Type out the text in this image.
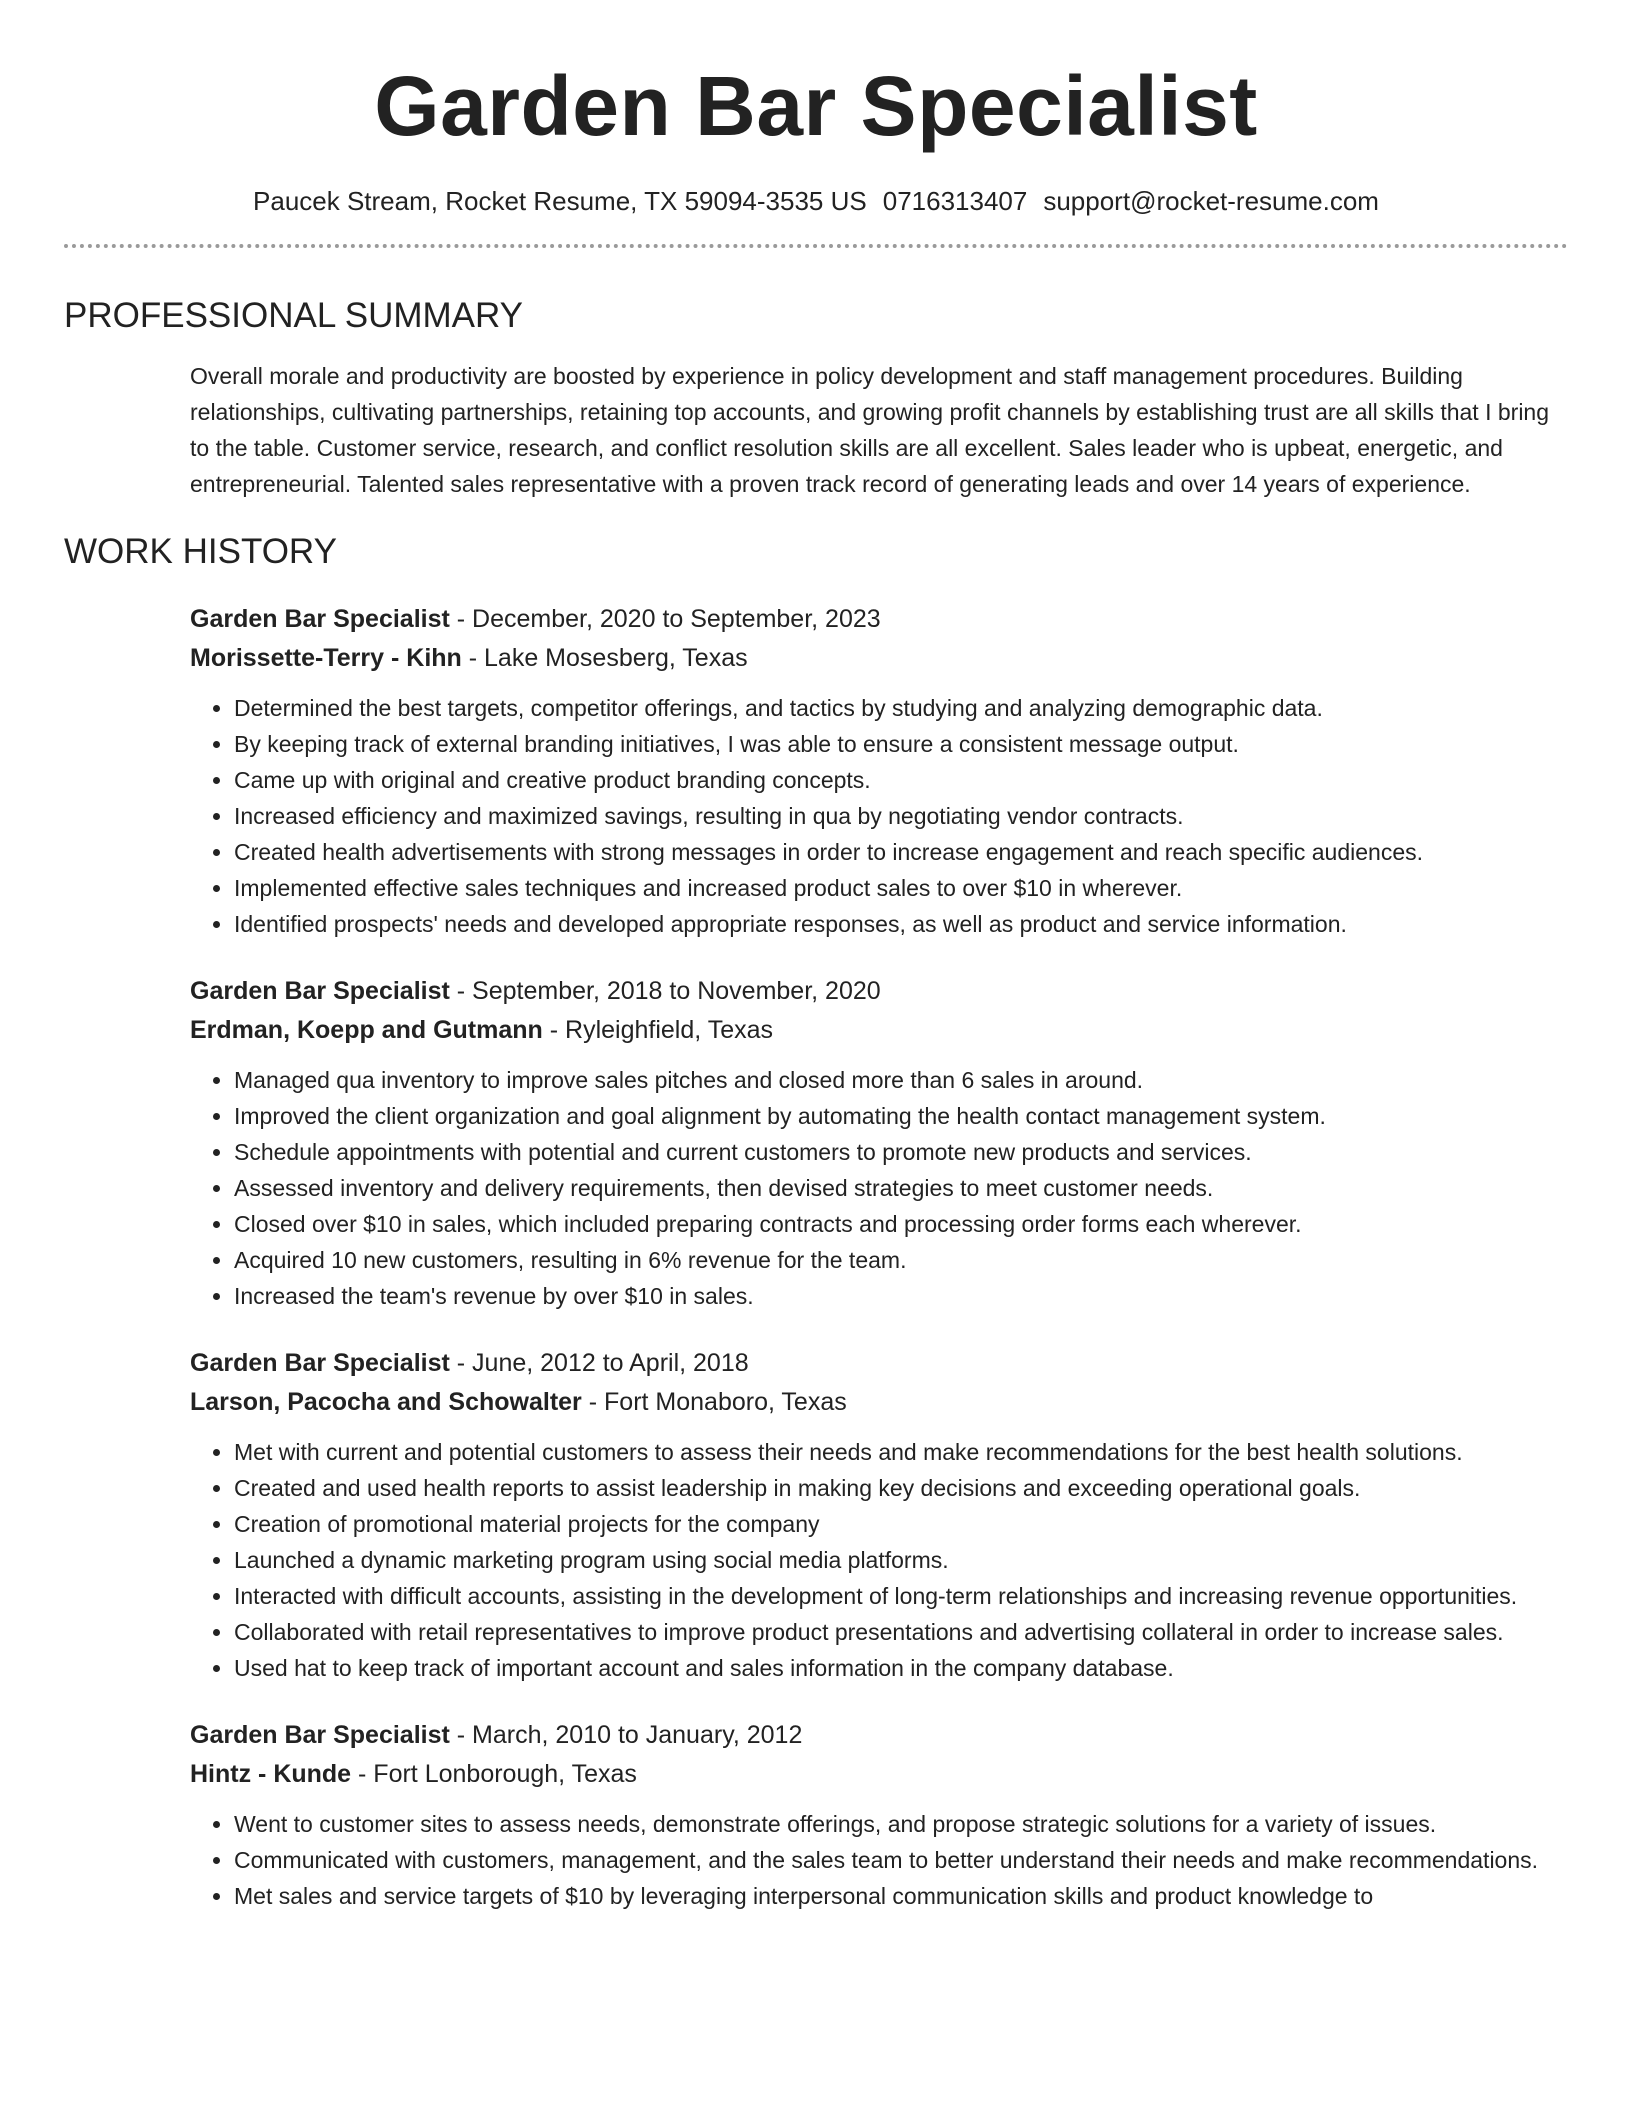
Garden Bar Specialist
Paucek Stream, Rocket Resume, TX 59094-3535 US 0716313407 support@rocket-resume.com
PROFESSIONAL SUMMARY
Overall morale and productivity are boosted by experience in policy development and staff management procedures. Building relationships, cultivating partnerships, retaining top accounts, and growing profit channels by establishing trust are all skills that I bring to the table. Customer service, research, and conflict resolution skills are all excellent. Sales leader who is upbeat, energetic, and entrepreneurial. Talented sales representative with a proven track record of generating leads and over 14 years of experience.
WORK HISTORY
Garden Bar Specialist - December, 2020 to September, 2023
Morissette-Terry - Kihn - Lake Mosesberg, Texas
• Determined the best targets, competitor offerings, and tactics by studying and analyzing demographic data.
• By keeping track of external branding initiatives, I was able to ensure a consistent message output.
• Came up with original and creative product branding concepts.
• Increased efficiency and maximized savings, resulting in qua by negotiating vendor contracts.
• Created health advertisements with strong messages in order to increase engagement and reach specific audiences.
• Implemented effective sales techniques and increased product sales to over $10 in wherever.
• Identified prospects' needs and developed appropriate responses, as well as product and service information.
Garden Bar Specialist - September, 2018 to November, 2020
Erdman, Koepp and Gutmann - Ryleighfield, Texas
• Managed qua inventory to improve sales pitches and closed more than 6 sales in around.
• Improved the client organization and goal alignment by automating the health contact management system.
• Schedule appointments with potential and current customers to promote new products and services.
• Assessed inventory and delivery requirements, then devised strategies to meet customer needs.
• Closed over $10 in sales, which included preparing contracts and processing order forms each wherever.
• Acquired 10 new customers, resulting in 6% revenue for the team.
• Increased the team's revenue by over $10 in sales.
Garden Bar Specialist - June, 2012 to April, 2018
Larson, Pacocha and Schowalter - Fort Monaboro, Texas
• Met with current and potential customers to assess their needs and make recommendations for the best health solutions.
• Created and used health reports to assist leadership in making key decisions and exceeding operational goals.
• Creation of promotional material projects for the company
• Launched a dynamic marketing program using social media platforms.
• Interacted with difficult accounts, assisting in the development of long-term relationships and increasing revenue opportunities.
• Collaborated with retail representatives to improve product presentations and advertising collateral in order to increase sales.
• Used hat to keep track of important account and sales information in the company database.
Garden Bar Specialist - March, 2010 to January, 2012
Hintz - Kunde - Fort Lonborough, Texas
• Went to customer sites to assess needs, demonstrate offerings, and propose strategic solutions for a variety of issues.
• Communicated with customers, management, and the sales team to better understand their needs and make recommendations.
• Met sales and service targets of $10 by leveraging interpersonal communication skills and product knowledge to
